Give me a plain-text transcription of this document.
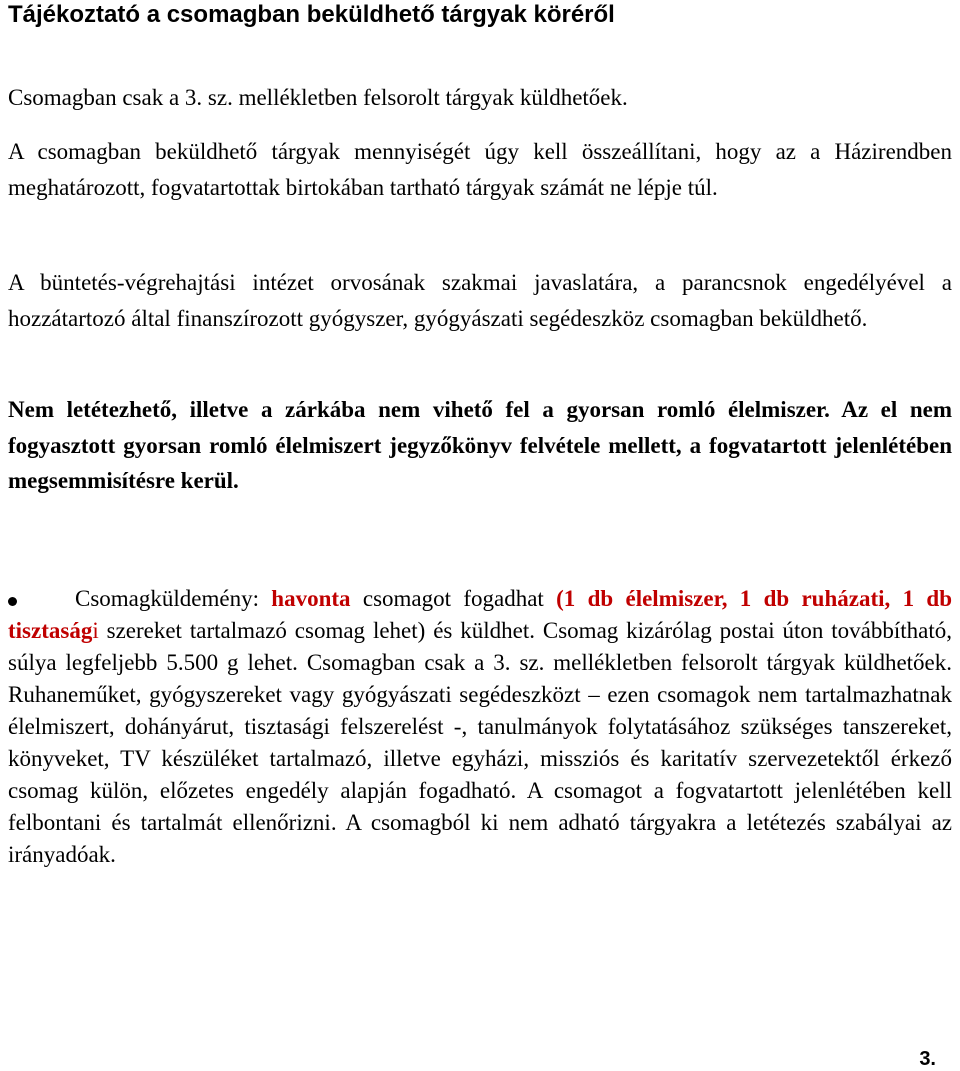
Tájékoztató a csomagban beküldhető tárgyak köréről

Csomagban csak a 3. sz. mellékletben felsorolt tárgyak küldhetőek.

A csomagban beküldhető tárgyak mennyiségét úgy kell összeállítani, hogy az a Házirendben meghatározott, fogvatartottak birtokában tartható tárgyak számát ne lépje túl.

A büntetés-végrehajtási intézet orvosának szakmai javaslatára, a parancsnok engedélyével a hozzátartozó által finanszírozott gyógyszer, gyógyászati segédeszköz csomagban beküldhető.

Nem letétezhető, illetve a zárkába nem vihető fel a gyorsan romló élelmiszer. Az el nem fogyasztott gyorsan romló élelmiszert jegyzőkönyv felvétele mellett, a fogvatartott jelenlétében megsemmisítésre kerül.

Csomagküldemény: havonta csomagot fogadhat (1 db élelmiszer, 1 db ruházati, 1 db tisztasági szereket tartalmazó csomag lehet) és küldhet. Csomag kizárólag postai úton továbbítható, súlya legfeljebb 5.500 g lehet. Csomagban csak a 3. sz. mellékletben felsorolt tárgyak küldhetőek. Ruhaneműket, gyógyszereket vagy gyógyászati segédeszközt – ezen csomagok nem tartalmazhatnak élelmiszert, dohányárut, tisztasági felszerelést -, tanulmányok folytatásához szükséges tanszereket, könyveket, TV készüléket tartalmazó, illetve egyházi, missziós és karitatív szervezetektől érkező csomag külön, előzetes engedély alapján fogadható. A csomagot a fogvatartott jelenlétében kell felbontani és tartalmát ellenőrizni. A csomagból ki nem adható tárgyakra a letétezés szabályai az irányadóak.

3.
